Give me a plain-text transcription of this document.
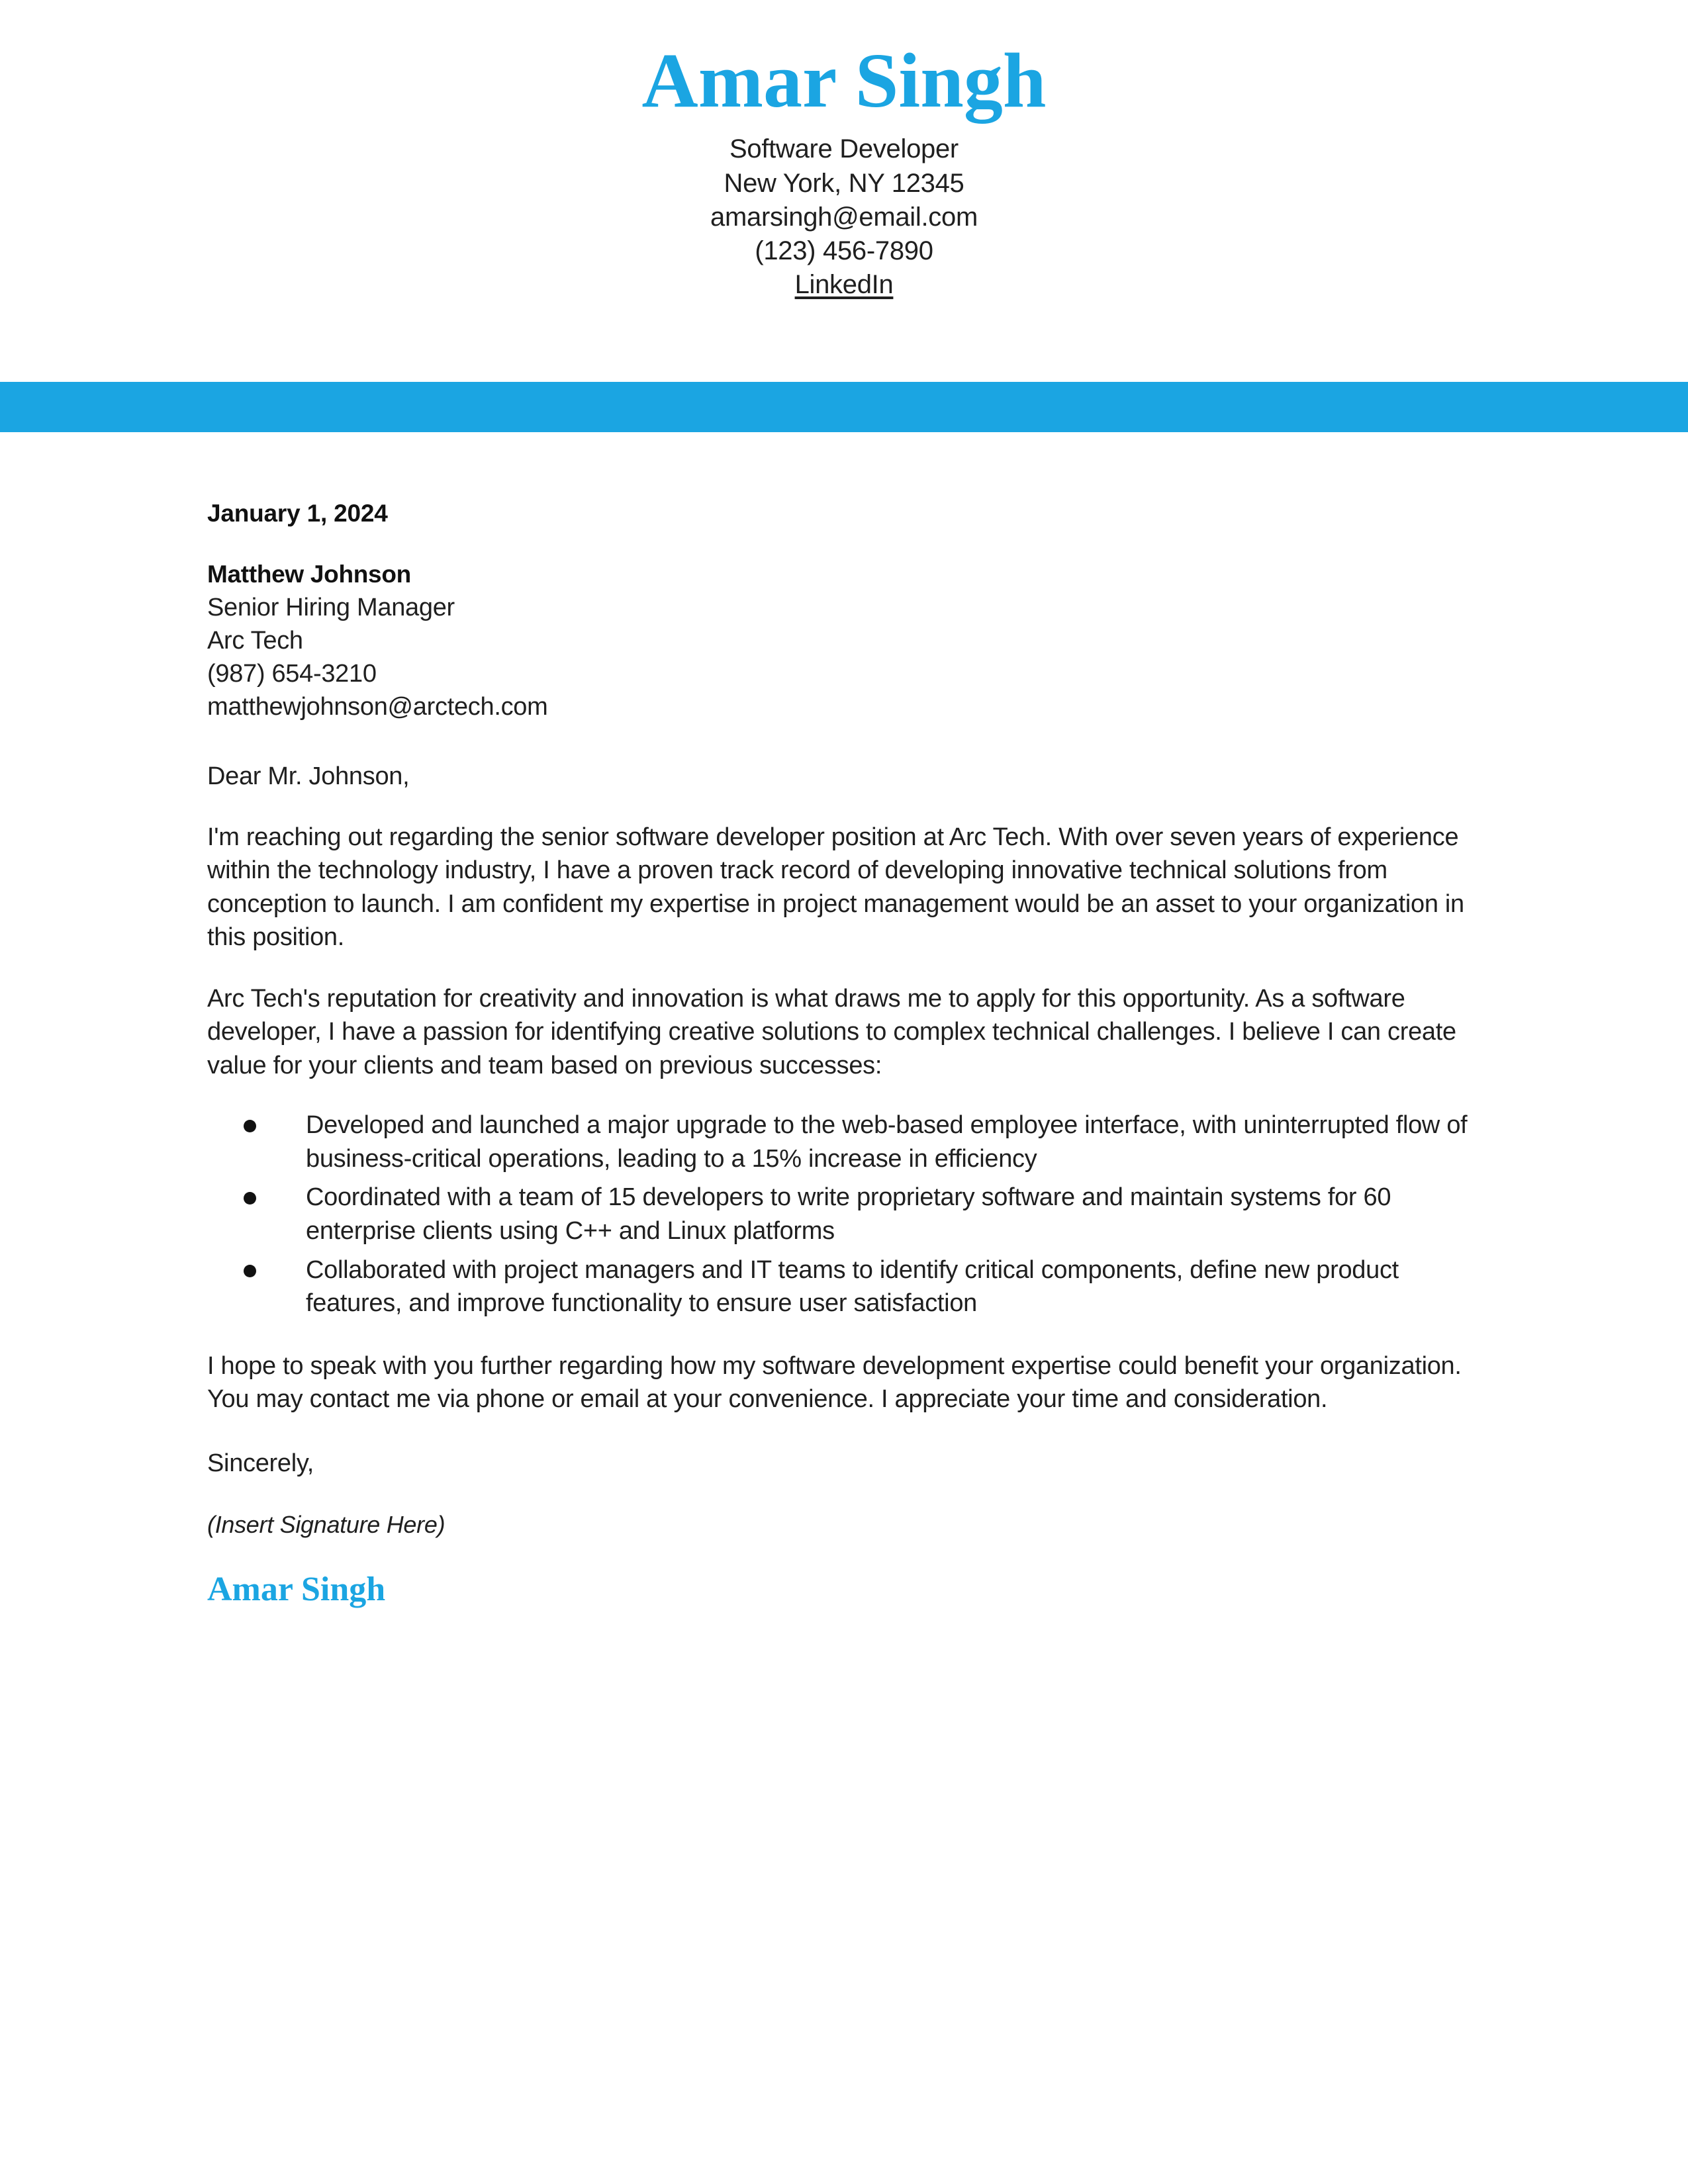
Amar Singh
Software Developer
New York, NY 12345
amarsingh@email.com
(123) 456-7890
LinkedIn
January 1, 2024
Matthew Johnson
Senior Hiring Manager
Arc Tech
(987) 654-3210
matthewjohnson@arctech.com
Dear Mr. Johnson,

I'm reaching out regarding the senior software developer position at Arc Tech. With over seven years of experience within the technology industry, I have a proven track record of developing innovative technical solutions from conception to launch. I am confident my expertise in project management would be an asset to your organization in this position.

Arc Tech's reputation for creativity and innovation is what draws me to apply for this opportunity. As a software developer, I have a passion for identifying creative solutions to complex technical challenges. I believe I can create value for your clients and team based on previous successes:

Developed and launched a major upgrade to the web-based employee interface, with uninterrupted flow of business-critical operations, leading to a 15% increase in efficiency
Coordinated with a team of 15 developers to write proprietary software and maintain systems for 60 enterprise clients using C++ and Linux platforms
Collaborated with project managers and IT teams to identify critical components, define new product features, and improve functionality to ensure user satisfaction

I hope to speak with you further regarding how my software development expertise could benefit your organization. You may contact me via phone or email at your convenience. I appreciate your time and consideration.

Sincerely,
(Insert Signature Here)
Amar Singh
